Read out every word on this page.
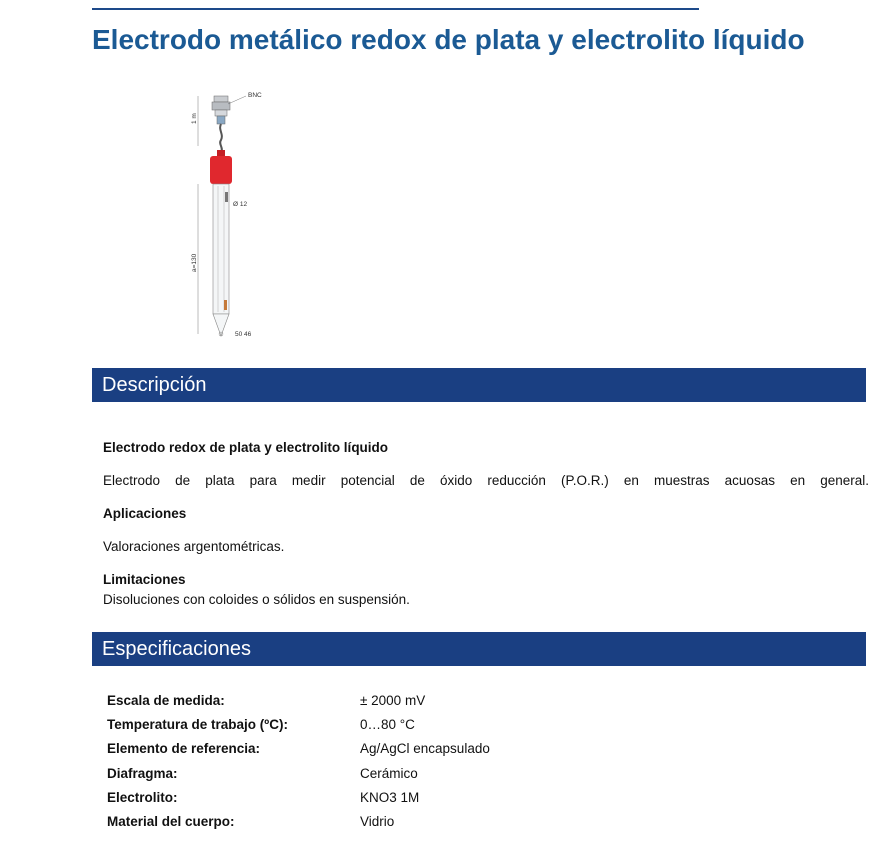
Electrodo metálico redox de plata y electrolito líquido
BNC
1 m
Ø 12
a=130
50 46
Descripción

Electrodo redox de plata y electrolito líquido

Electrodo de plata para medir potencial de óxido reducción (P.O.R.) en muestras acuosas en general.

Aplicaciones

Valoraciones argentométricas.

Limitaciones

Disoluciones con coloides o sólidos en suspensión.

Especificaciones
Escala de medida:	± 2000 mV
Temperatura de trabajo (ºC):	0…80 °C
Elemento de referencia:	Ag/AgCl encapsulado
Diafragma:	Cerámico
Electrolito:	KNO3 1M
Material del cuerpo:	Vidrio
